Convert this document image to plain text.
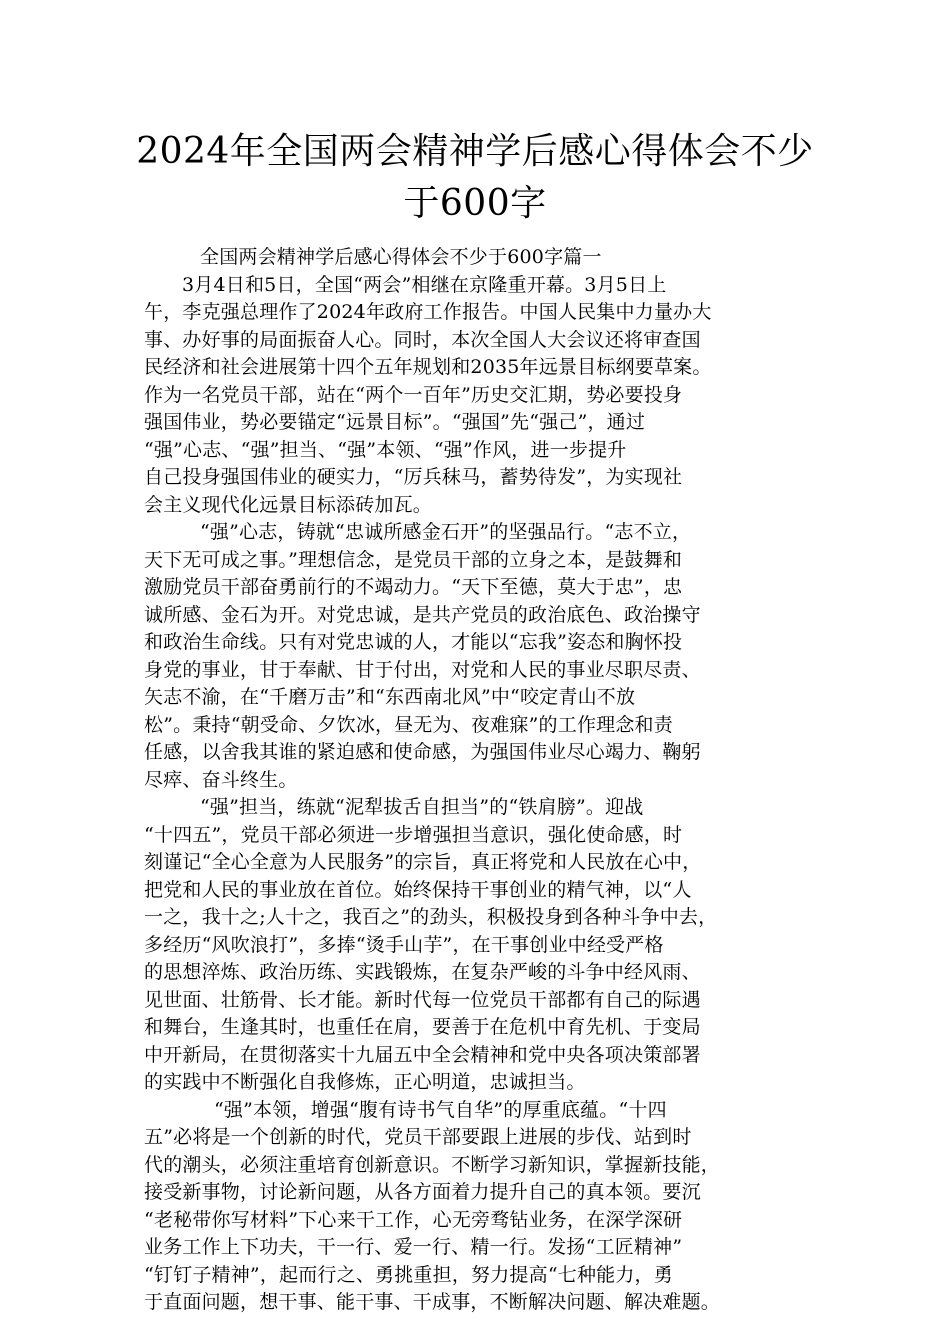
2024年全国两会精神学后感心得体会不少
于600字
全国两会精神学后感心得体会不少于600字篇一
3月4日和5日，全国“两会”相继在京隆重开幕。3月5日上
午，李克强总理作了2024年政府工作报告。中国人民集中力量办大
事、办好事的局面振奋人心。同时，本次全国人大会议还将审查国
民经济和社会进展第十四个五年规划和2035年远景目标纲要草案。
作为一名党员干部，站在“两个一百年”历史交汇期，势必要投身
强国伟业，势必要锚定“远景目标”。“强国”先“强己”，通过
“强”心志、“强”担当、“强”本领、“强”作风，进一步提升
自己投身强国伟业的硬实力，“厉兵秣马，蓄势待发”，为实现社
会主义现代化远景目标添砖加瓦。
“强”心志，铸就“忠诚所感金石开”的坚强品行。“志不立，
天下无可成之事。”理想信念，是党员干部的立身之本，是鼓舞和
激励党员干部奋勇前行的不竭动力。“天下至德，莫大于忠”，忠
诚所感、金石为开。对党忠诚，是共产党员的政治底色、政治操守
和政治生命线。只有对党忠诚的人，才能以“忘我”姿态和胸怀投
身党的事业，甘于奉献、甘于付出，对党和人民的事业尽职尽责、
矢志不渝，在“千磨万击”和“东西南北风”中“咬定青山不放
松”。秉持“朝受命、夕饮冰，昼无为、夜难寐”的工作理念和责
任感，以舍我其谁的紧迫感和使命感，为强国伟业尽心竭力、鞠躬
尽瘁、奋斗终生。
“强”担当，练就“泥犁拔舌自担当”的“铁肩膀”。迎战
“十四五”，党员干部必须进一步增强担当意识，强化使命感，时
刻谨记“全心全意为人民服务”的宗旨，真正将党和人民放在心中，
把党和人民的事业放在首位。始终保持干事创业的精气神，以“人
一之，我十之;人十之，我百之”的劲头，积极投身到各种斗争中去，
多经历“风吹浪打”，多捧“烫手山芋”，在干事创业中经受严格
的思想淬炼、政治历练、实践锻炼，在复杂严峻的斗争中经风雨、
见世面、壮筋骨、长才能。新时代每一位党员干部都有自己的际遇
和舞台，生逢其时，也重任在肩，要善于在危机中育先机、于变局
中开新局，在贯彻落实十九届五中全会精神和党中央各项决策部署
的实践中不断强化自我修炼，正心明道，忠诚担当。
“强”本领，增强“腹有诗书气自华”的厚重底蕴。“十四
五”必将是一个创新的时代，党员干部要跟上进展的步伐、站到时
代的潮头，必须注重培育创新意识。不断学习新知识，掌握新技能，
接受新事物，讨论新问题，从各方面着力提升自己的真本领。要沉
“老秘带你写材料”下心来干工作，心无旁骛钻业务，在深学深研
业务工作上下功夫，干一行、爱一行、精一行。发扬“工匠精神”
“钉钉子精神”，起而行之、勇挑重担，努力提高“七种能力，勇
于直面问题，想干事、能干事、干成事，不断解决问题、解决难题。
